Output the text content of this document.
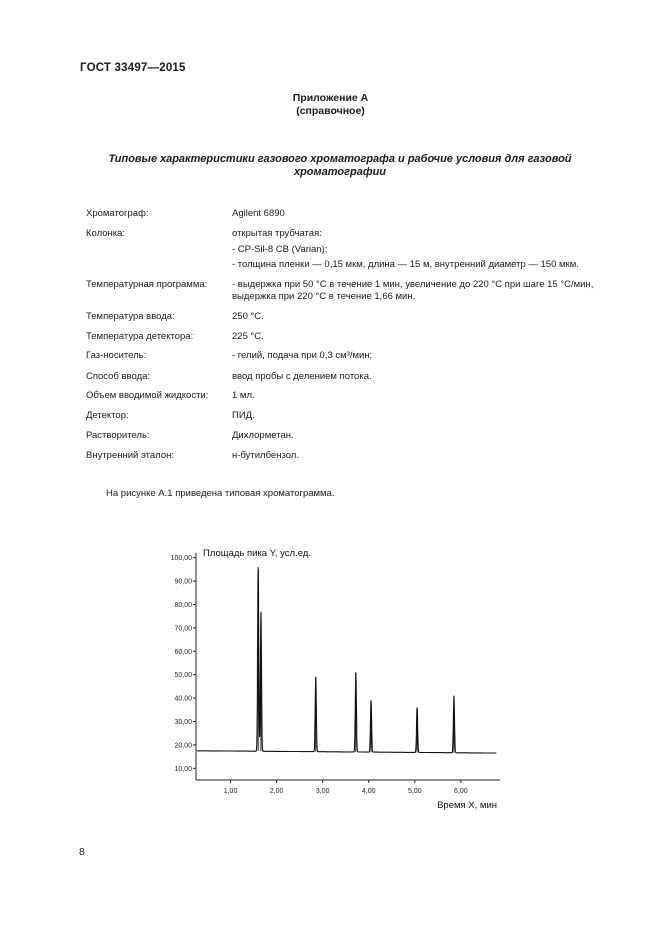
ГОСТ 33497—2015
Приложение А
(справочное)
Типовые характеристики газового хроматографа и рабочие условия для газовой
хроматографии
Хроматограф:	Agilent 6890
Колонка:	открытая трубчатая:
- CP-Sil-8 CB (Varian);
- толщина пленки — 0,15 мкм, длина — 15 м, внутренний диаметр — 150 мкм.
Температурная программа:	- выдержка при 50 °С в течение 1 мин, увеличение до 220 °С при шаге 15 °С/мин,
выдержка при 220 °С в течение 1,66 мин.
Температура ввода:	250 °С.
Температура детектора:	225 °С.
Газ-носитель:	- гелий, подача при 0,3 см³/мин;
Способ ввода:	ввод пробы с делением потока.
Объем вводимой жидкости: 1 мл.
Детектор:	ПИД.
Растворитель:	Дихлорметан.
Внутренний эталон:	н-бутилбензол.
На рисунке А.1 приведена типовая хроматограмма.
100,00
90,00
80,00
70,00
60,00
50,00
40,00
30,00
20,00
10,00
1,00	2,00	3,00	4,00	5,00	6,00
Площадь пика Y, усл.ед.
Время X, мин
8
